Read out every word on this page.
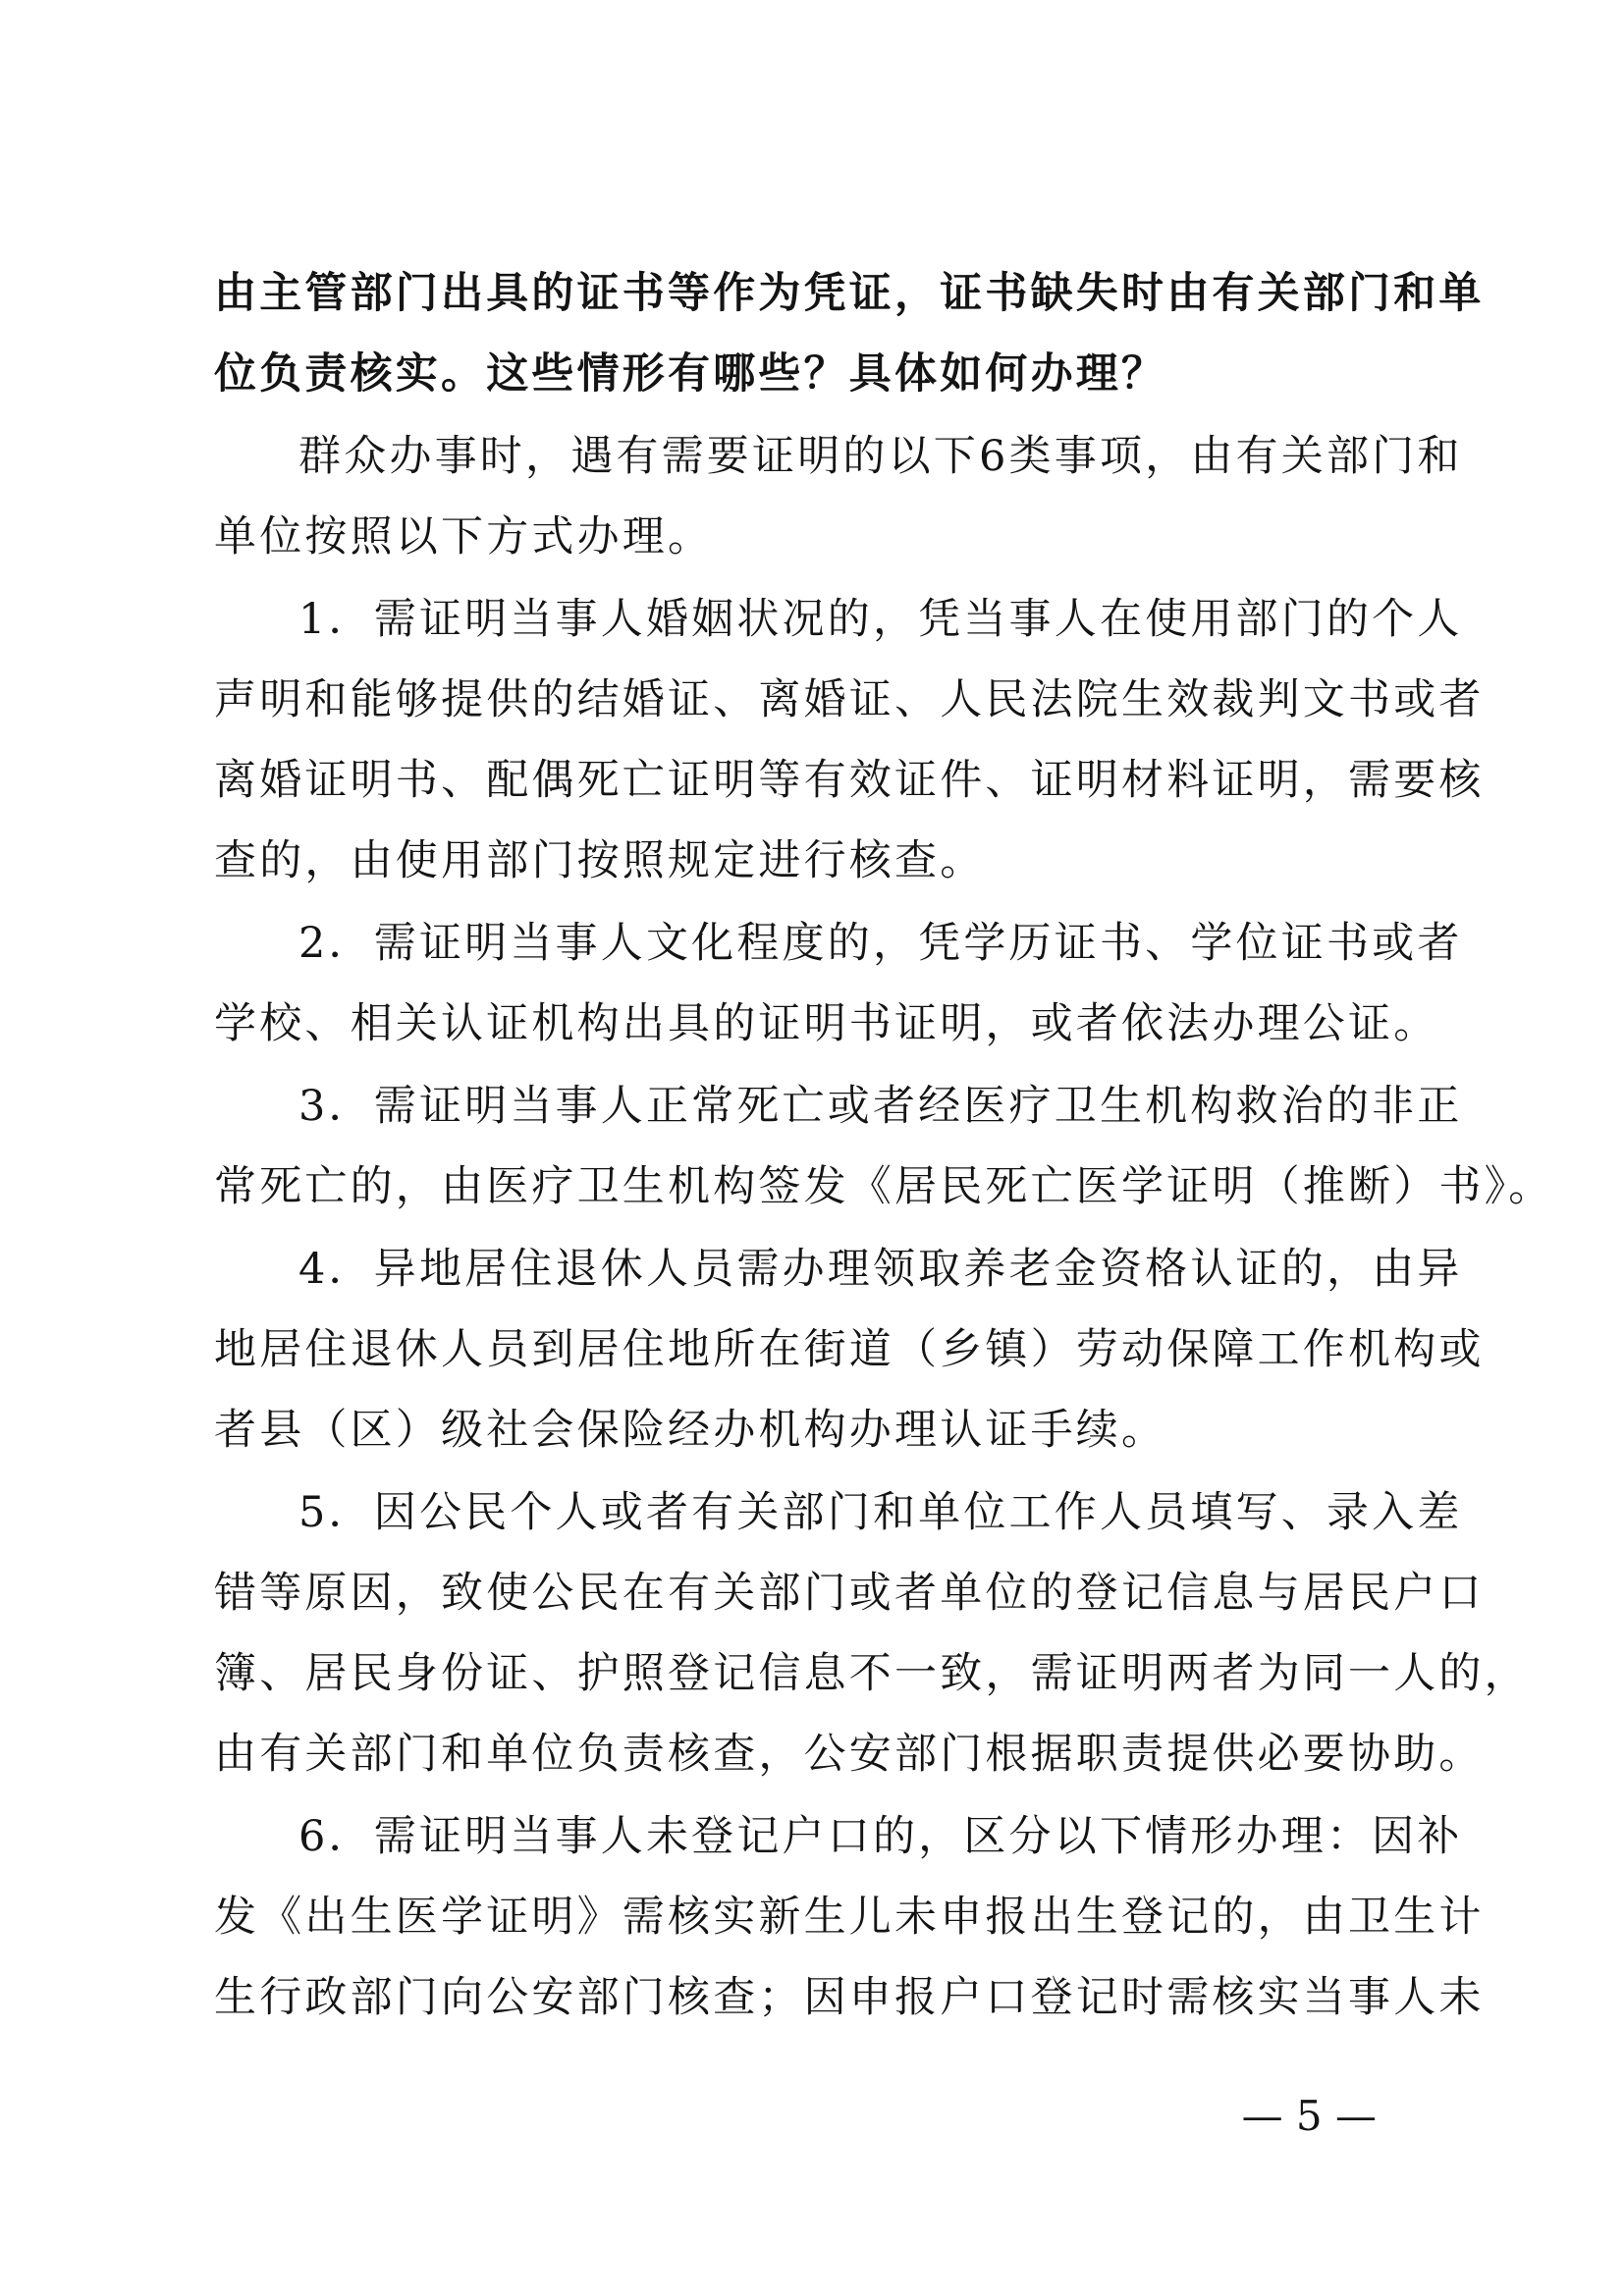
由主管部门出具的证书等作为凭证，证书缺失时由有关部门和单
位负责核实。这些情形有哪些？具体如何办理？
群众办事时，遇有需要证明的以下6类事项，由有关部门和
单位按照以下方式办理。
1．需证明当事人婚姻状况的，凭当事人在使用部门的个人
声明和能够提供的结婚证、离婚证、人民法院生效裁判文书或者
离婚证明书、配偶死亡证明等有效证件、证明材料证明，需要核
查的，由使用部门按照规定进行核查。
2．需证明当事人文化程度的，凭学历证书、学位证书或者
学校、相关认证机构出具的证明书证明，或者依法办理公证。
3．需证明当事人正常死亡或者经医疗卫生机构救治的非正
常死亡的，由医疗卫生机构签发《居民死亡医学证明（推断）书》。
4．异地居住退休人员需办理领取养老金资格认证的，由异
地居住退休人员到居住地所在街道（乡镇）劳动保障工作机构或
者县（区）级社会保险经办机构办理认证手续。
5．因公民个人或者有关部门和单位工作人员填写、录入差
错等原因，致使公民在有关部门或者单位的登记信息与居民户口
簿、居民身份证、护照登记信息不一致，需证明两者为同一人的，
由有关部门和单位负责核查，公安部门根据职责提供必要协助。
6．需证明当事人未登记户口的，区分以下情形办理：因补
发《出生医学证明》需核实新生儿未申报出生登记的，由卫生计
生行政部门向公安部门核查；因申报户口登记时需核实当事人未
— 5 —
